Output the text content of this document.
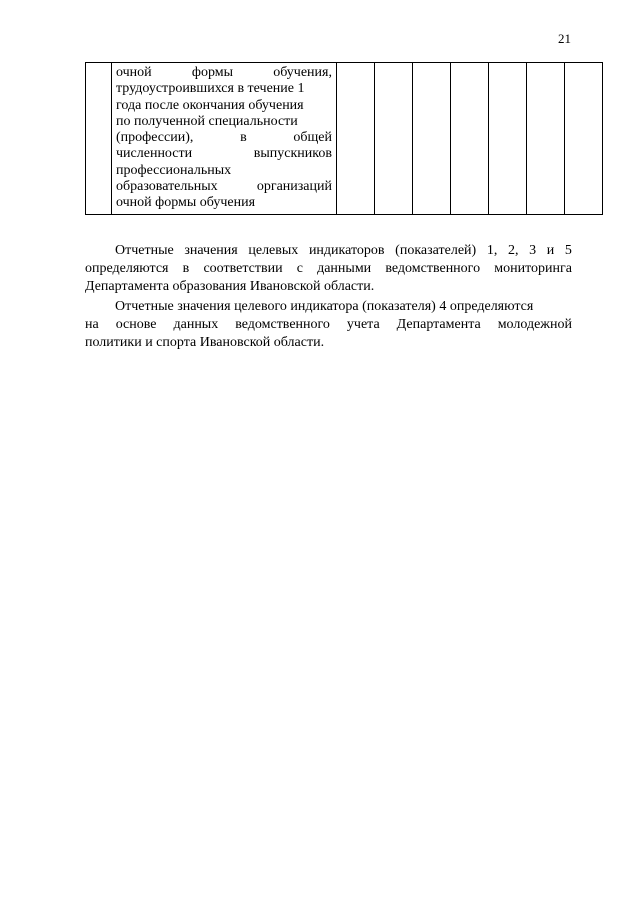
21

очной	формы	обучения,
трудоустроившихся в течение 1
года после окончания обучения
по полученной специальности
(профессии),	в	общей
численности	выпускников
профессиональных
образовательных	организаций
очной формы обучения

Отчетные значения целевых индикаторов (показателей) 1, 2, 3 и 5
определяются в соответствии с данными ведомственного мониторинга
Департамента образования Ивановской области.
Отчетные значения целевого индикатора (показателя) 4 определяются
на основе данных ведомственного учета Департамента молодежной
политики и спорта Ивановской области.
